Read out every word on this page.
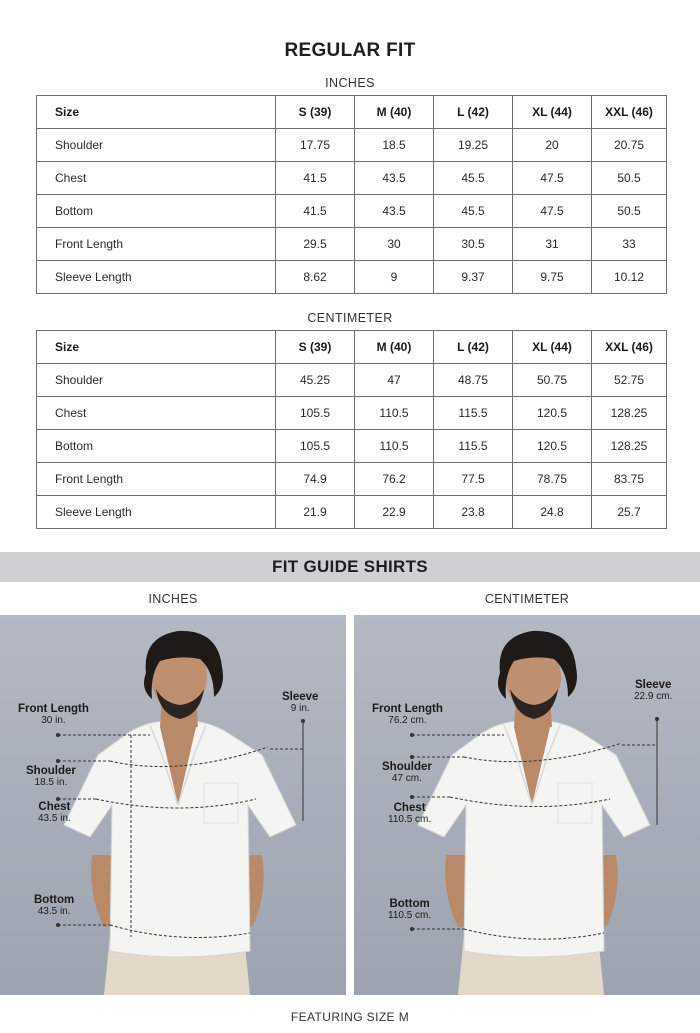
REGULAR FIT
INCHES
Size	S (39)	M (40)	L (42)	XL (44)	XXL (46)
Shoulder	17.75	18.5	19.25	20	20.75
Chest	41.5	43.5	45.5	47.5	50.5
Bottom	41.5	43.5	45.5	47.5	50.5
Front Length	29.5	30	30.5	31	33
Sleeve Length	8.62	9	9.37	9.75	10.12
CENTIMETER
Size	S (39)	M (40)	L (42)	XL (44)	XXL (46)
Shoulder	45.25	47	48.75	50.75	52.75
Chest	105.5	110.5	115.5	120.5	128.25
Bottom	105.5	110.5	115.5	120.5	128.25
Front Length	74.9	76.2	77.5	78.75	83.75
Sleeve Length	21.9	22.9	23.8	24.8	25.7
FIT GUIDE SHIRTS
INCHES	CENTIMETER
Front Length
30 in.
Sleeve
9 in.
Shoulder
18.5 in.
Chest
43.5 in.
Bottom
43.5 in.
Front Length
76.2 cm.
Sleeve
22.9 cm.
Shoulder
47 cm.
Chest
110.5 cm.
Bottom
110.5 cm.
FEATURING SIZE M
